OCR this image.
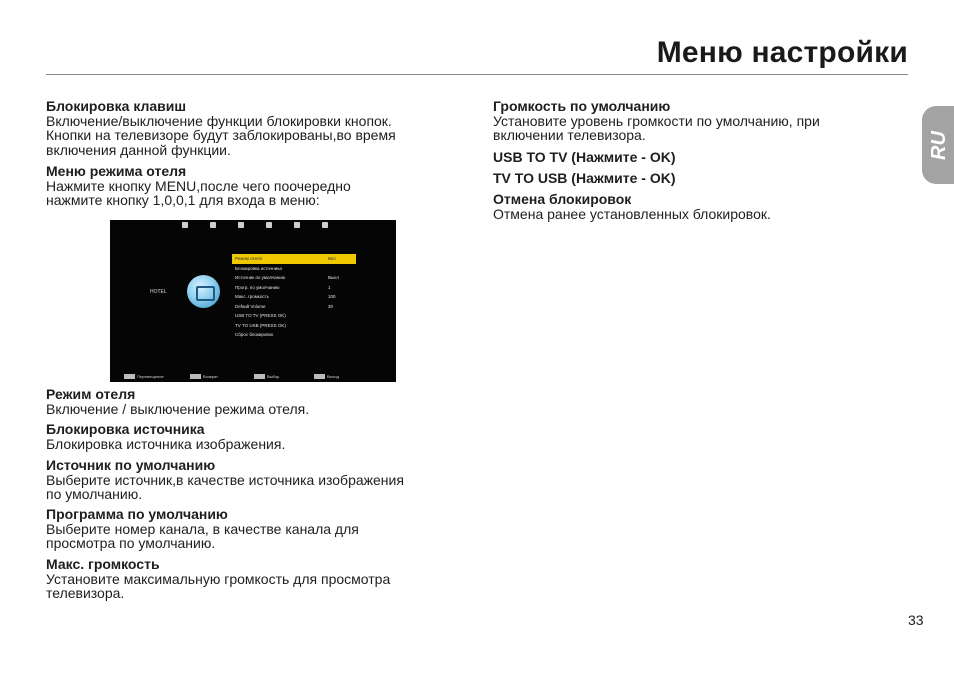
Меню настройки
RU
Блокировка клавиш

Включение/выключение функции блокировки кнопок.

Кнопки на телевизоре будут заблокированы,во время

включения данной функции.

Меню режима отеля

Нажмите кнопку MENU,после чего поочередно

нажмите кнопку 1,0,0,1 для входа в меню:

HOTEL
Режим отеля	Вкл
Блокировка источника
Источник по умолчанию	Выкл
Прогр. по умолчанию	1
Макс. громкость	100
Default Volume	30
USB TO TV (PRESS OK)
TV TO USB (PRESS OK)
Сброс блокировок
Перемещение	Возврат	Выбор	Выход
Режим отеля

Включение / выключение режима отеля.

Блокировка источника

Блокировка источника изображения.

Источник по умолчанию

Выберите источник,в качестве источника изображения

по умолчанию.

Программа по умолчанию

Выберите номер канала, в качестве канала для

просмотра по умолчанию.

Макс. громкость

Установите максимальную громкость для просмотра

телевизора.

Громкость по умолчанию

Установите уровень громкости по умолчанию, при

включении телевизора.

USB TO TV (Нажмите - OK)
TV TO USB (Нажмите - OK)
Отмена блокировок

Отмена ранее установленных блокировок.

33
